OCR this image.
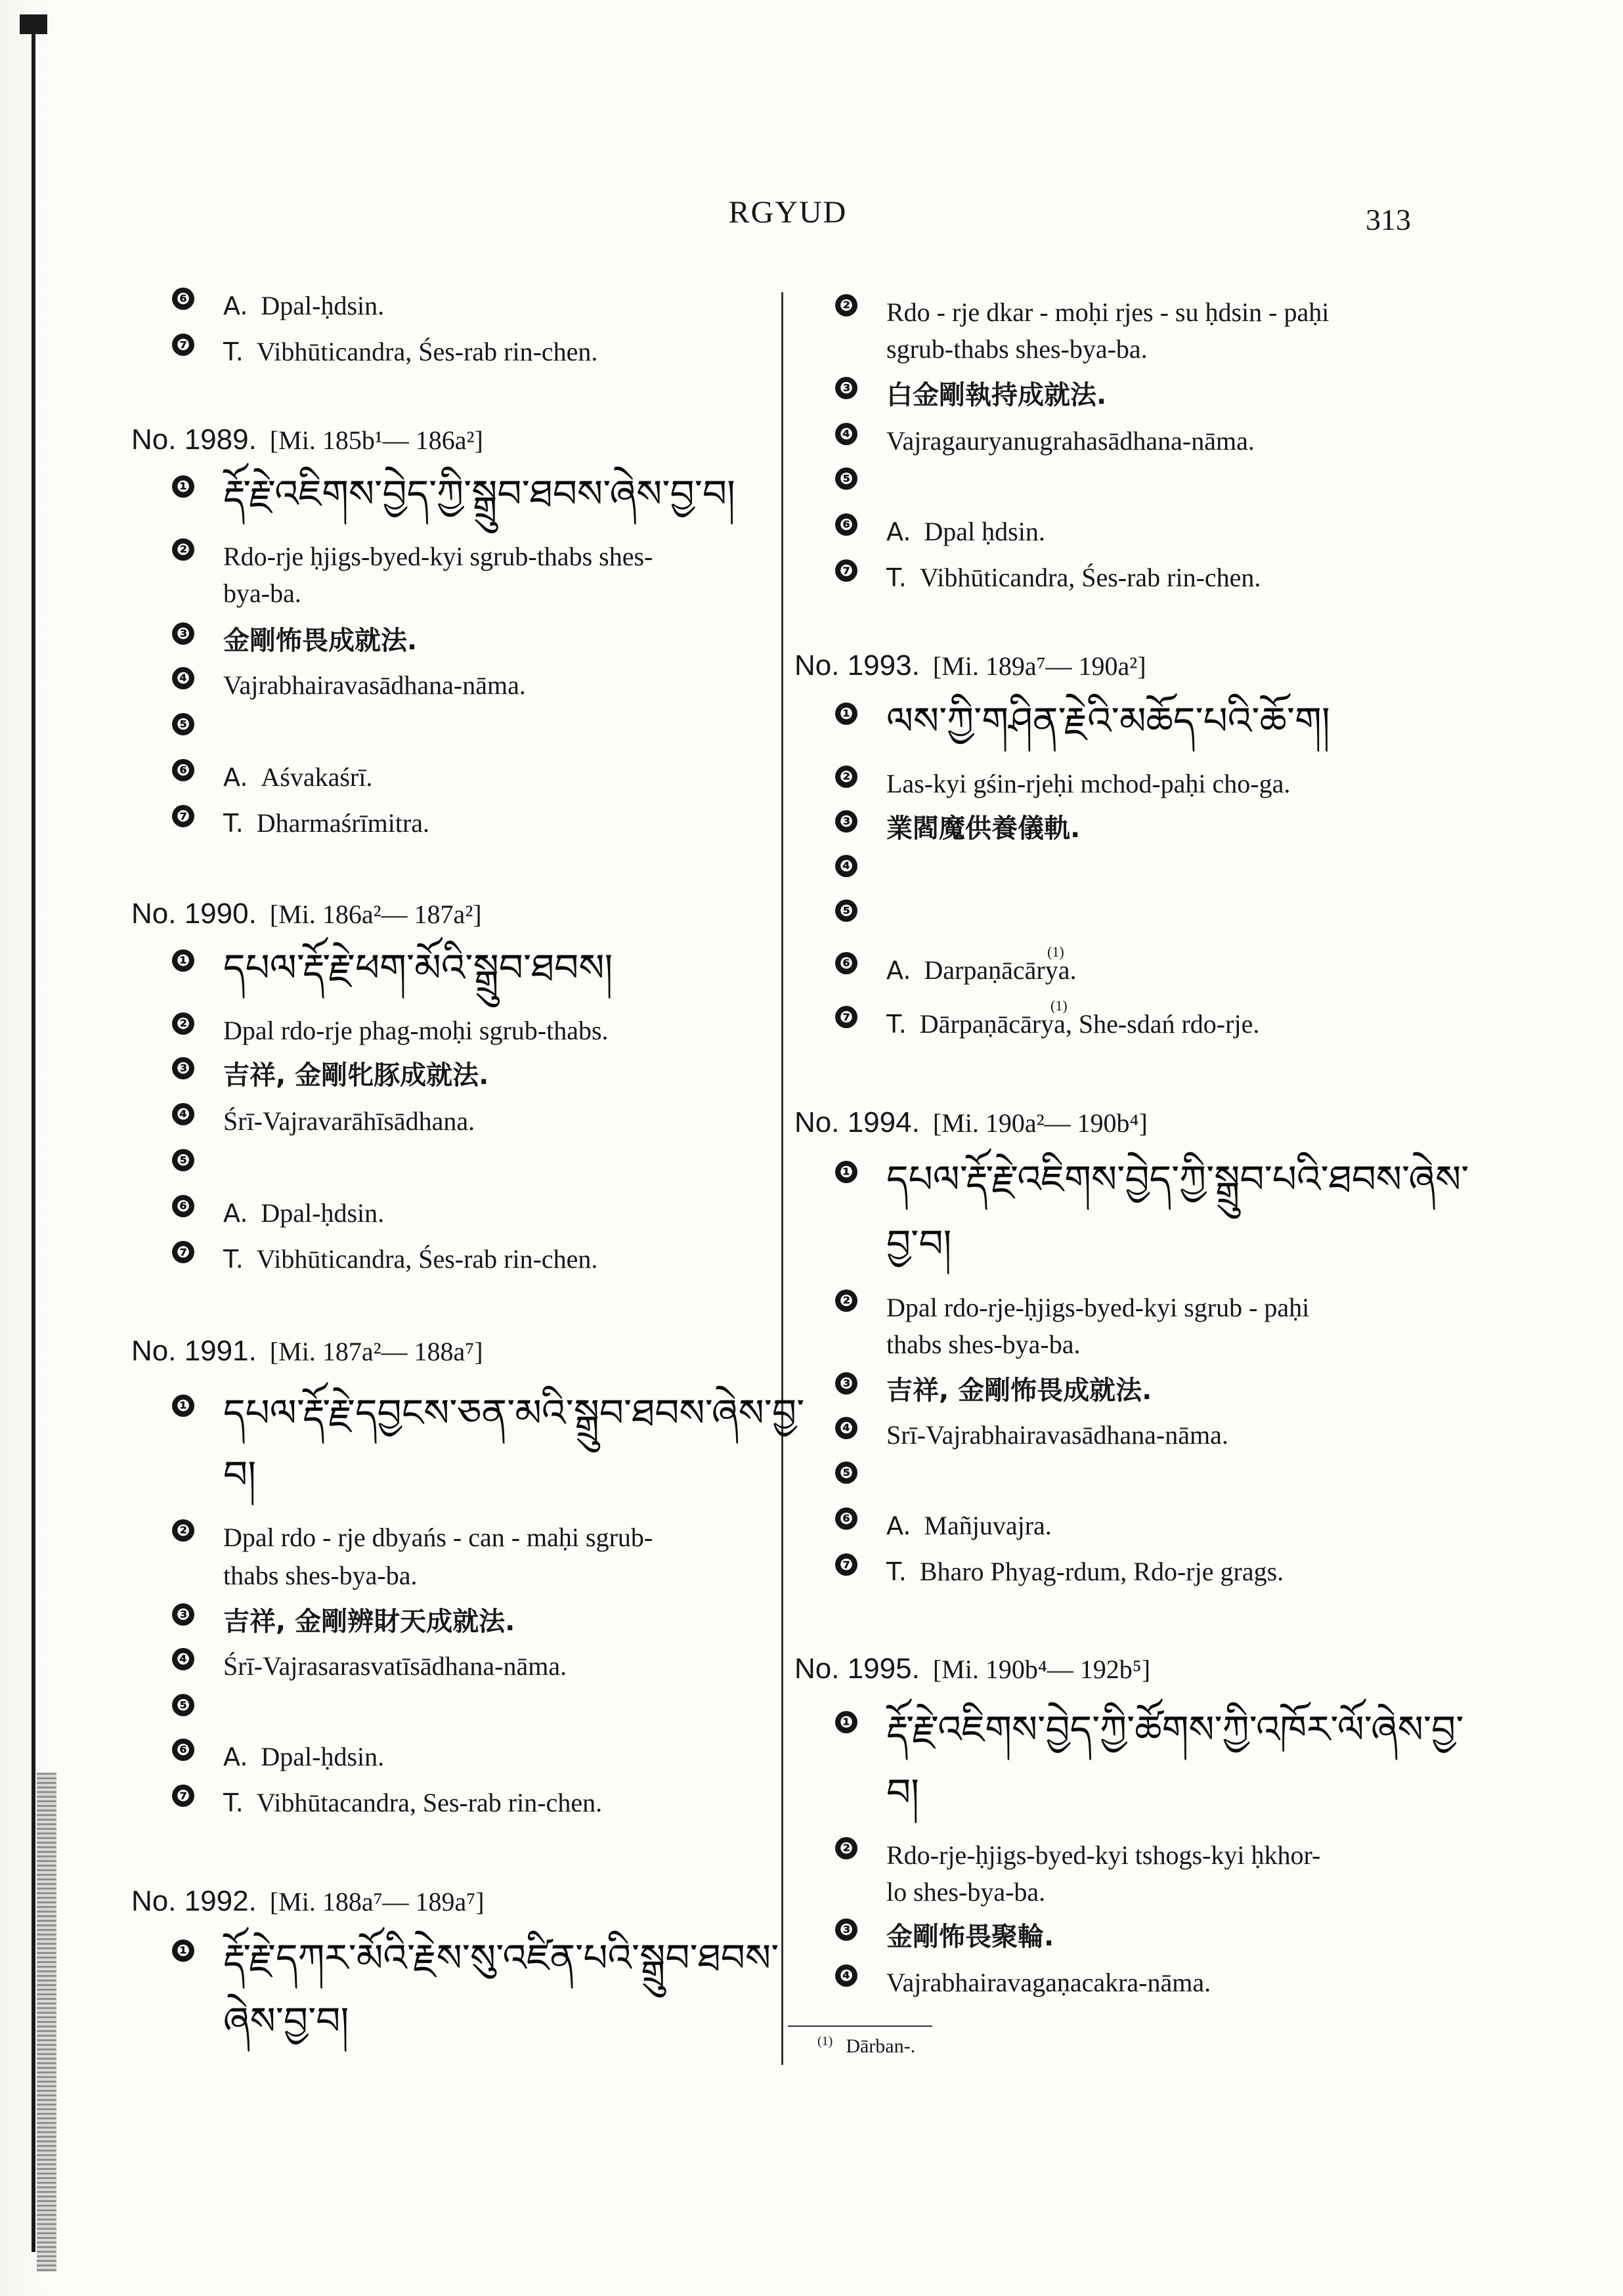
RGYUD	313
❻ A. Dpal-ḥdsin.
❼ T. Vibhūticandra, Śes-rab rin-chen.
No. 1989. [Mi. 185b¹— 186a²]
❶ རྡོ་རྗེ་འཇིགས་བྱེད་ཀྱི་སྒྲུབ་ཐབས་ཞེས་བྱ་བ།
❷ Rdo-rje ḥjigs-byed-kyi sgrub-thabs shes-
bya-ba.
❸ 金剛怖畏成就法.
❹ Vajrabhairavasādhana-nāma.
❺
❻ A. Aśvakaśrī.
❼ T. Dharmaśrīmitra.
No. 1990. [Mi. 186a²— 187a²]
❶ དཔལ་རྡོ་རྗེ་ཕག་མོའི་སྒྲུབ་ཐབས།
❷ Dpal rdo-rje phag-moḥi sgrub-thabs.
❸ 吉祥, 金剛牝豚成就法.
❹ Śrī-Vajravarāhīsādhana.
❺
❻ A. Dpal-ḥdsin.
❼ T. Vibhūticandra, Śes-rab rin-chen.
No. 1991. [Mi. 187a²— 188a⁷]
❶ དཔལ་རྡོ་རྗེ་དབྱངས་ཅན་མའི་སྒྲུབ་ཐབས་ཞེས་བྱ་
བ།
❷ Dpal rdo - rje dbyańs - can - maḥi sgrub-
thabs shes-bya-ba.
❸ 吉祥, 金剛辨財天成就法.
❹ Śrī-Vajrasarasvatīsādhana-nāma.
❺
❻ A. Dpal-ḥdsin.
❼ T. Vibhūtacandra, Ses-rab rin-chen.
No. 1992. [Mi. 188a⁷— 189a⁷]
❶ རྡོ་རྗེ་དཀར་མོའི་རྗེས་སུ་འཛིན་པའི་སྒྲུབ་ཐབས་
ཞེས་བྱ་བ།
❷ Rdo - rje dkar - moḥi rjes - su ḥdsin - paḥi
sgrub-thabs shes-bya-ba.
❸ 白金剛執持成就法.
❹ Vajragauryanugrahasādhana-nāma.
❺
❻ A. Dpal ḥdsin.
❼ T. Vibhūticandra, Śes-rab rin-chen.
No. 1993. [Mi. 189a⁷— 190a²]
❶ ལས་ཀྱི་གཤིན་རྗེའི་མཆོད་པའི་ཆོ་ག།
❷ Las-kyi gśin-rjeḥi mchod-paḥi cho-ga.
❸ 業閻魔供養儀軌.
❹
❺
❻ A. Darpaṇācārya.
(1)
❼ T. Dārpaṇācārya, She-sdań rdo-rje.
(1)
No. 1994. [Mi. 190a²— 190b⁴]
❶ དཔལ་རྡོ་རྗེ་འཇིགས་བྱེད་ཀྱི་སྒྲུབ་པའི་ཐབས་ཞེས་
བྱ་བ།
❷ Dpal rdo-rje-ḥjigs-byed-kyi sgrub - paḥi
thabs shes-bya-ba.
❸ 吉祥, 金剛怖畏成就法.
❹ Srī-Vajrabhairavasādhana-nāma.
❺
❻ A. Mañjuvajra.
❼ T. Bharo Phyag-rdum, Rdo-rje grags.
No. 1995. [Mi. 190b⁴— 192b⁵]
❶ རྡོ་རྗེ་འཇིགས་བྱེད་ཀྱི་ཚོགས་ཀྱི་འཁོར་ལོ་ཞེས་བྱ་
བ།
❷ Rdo-rje-ḥjigs-byed-kyi tshogs-kyi ḥkhor-
lo shes-bya-ba.
❸ 金剛怖畏聚輪.
❹ Vajrabhairavagaṇacakra-nāma.
$^{(1)}$ Dārban-.
